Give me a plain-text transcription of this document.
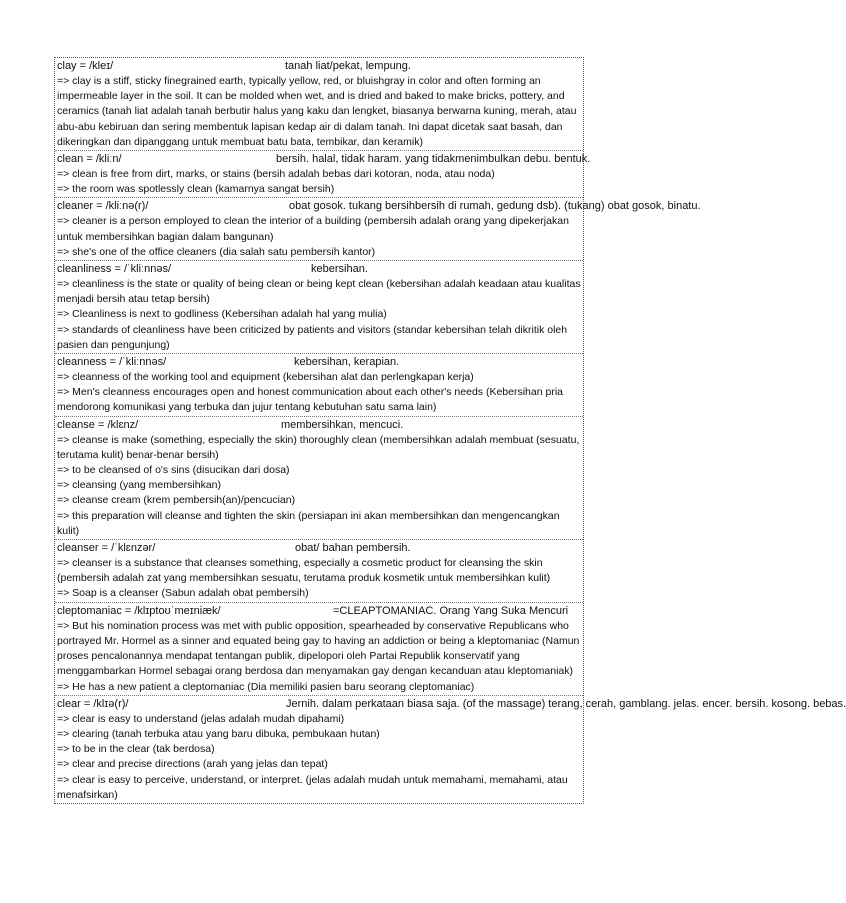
clay = /kleɪ/	tanah liat/pekat, lempung.

=> clay is a stiff, sticky finegrained earth, typically yellow, red, or bluishgray in color and often forming an impermeable layer in the soil. It can be molded when wet, and is dried and baked to make bricks, pottery, and ceramics (tanah liat adalah tanah berbutir halus yang kaku dan lengket, biasanya berwarna kuning, merah, atau abu-abu kebiruan dan sering membentuk lapisan kedap air di dalam tanah. Ini dapat dicetak saat basah, dan dikeringkan dan dipanggang untuk membuat batu bata, tembikar, dan keramik)

clean = /kliːn/	bersih. halal, tidak haram. yang tidakmenimbulkan debu. bentuk.

=> clean is free from dirt, marks, or stains (bersih adalah bebas dari kotoran, noda, atau noda)

=> the room was spotlessly clean (kamarnya sangat bersih)

cleaner = /kliːnə(r)/	obat gosok. tukang bersihbersih di rumah, gedung dsb). (tukang) obat gosok, binatu.

=> cleaner is a person employed to clean the interior of a building (pembersih adalah orang yang dipekerjakan untuk membersihkan bagian dalam bangunan)

=> she's one of the office cleaners (dia salah satu pembersih kantor)

cleanliness = /ˈkliːnnəs/	kebersihan.

=> cleanliness is the state or quality of being clean or being kept clean (kebersihan adalah keadaan atau kualitas menjadi bersih atau tetap bersih)

=> Cleanliness is next to godliness (Kebersihan adalah hal yang mulia)

=> standards of cleanliness have been criticized by patients and visitors (standar kebersihan telah dikritik oleh pasien dan pengunjung)

cleanness = /ˈkliːnnəs/	kebersihan, kerapian.

=> cleanness of the working tool and equipment (kebersihan alat dan perlengkapan kerja)

=> Men's cleanness encourages open and honest communication about each other's needs (Kebersihan pria mendorong komunikasi yang terbuka dan jujur tentang kebutuhan satu sama lain)

cleanse = /klɛnz/	membersihkan, mencuci.

=> cleanse is make (something, especially the skin) thoroughly clean (membersihkan adalah membuat (sesuatu, terutama kulit) benar-benar bersih)

=> to be cleansed of o's sins (disucikan dari dosa)

=> cleansing (yang membersihkan)

=> cleanse cream (krem pembersih(an)/pencucian)

=> this preparation will cleanse and tighten the skin (persiapan ini akan membersihkan dan mengencangkan kulit)

cleanser = /ˈklɛnzər/	obat/ bahan pembersih.

=> cleanser is a substance that cleanses something, especially a cosmetic product for cleansing the skin (pembersih adalah zat yang membersihkan sesuatu, terutama produk kosmetik untuk membersihkan kulit)

=> Soap is a cleanser (Sabun adalah obat pembersih)

cleptomaniac = /klɪptoʊˈmeɪniæk/	=CLEAPTOMANIAC. Orang Yang Suka Mencuri

=> But his nomination process was met with public opposition, spearheaded by conservative Republicans who portrayed Mr. Hormel as a sinner and equated being gay to having an addiction or being a kleptomaniac (Namun proses pencalonannya mendapat tentangan publik, dipelopori oleh Partai Republik konservatif yang menggambarkan Hormel sebagai orang berdosa dan menyamakan gay dengan kecanduan atau kleptomaniak)

=> He has a new patient a cleptomaniac (Dia memiliki pasien baru seorang cleptomaniac)

clear = /klɪə(r)/	Jernih. dalam perkataan biasa saja. (of the massage) terang, cerah, gamblang. jelas. encer. bersih. kosong. bebas.

=> clear is easy to understand (jelas adalah mudah dipahami)

=> clearing (tanah terbuka atau yang baru dibuka, pembukaan hutan)

=> to be in the clear (tak berdosa)

=> clear and precise directions (arah yang jelas dan tepat)

=> clear is easy to perceive, understand, or interpret. (jelas adalah mudah untuk memahami, memahami, atau menafsirkan)
